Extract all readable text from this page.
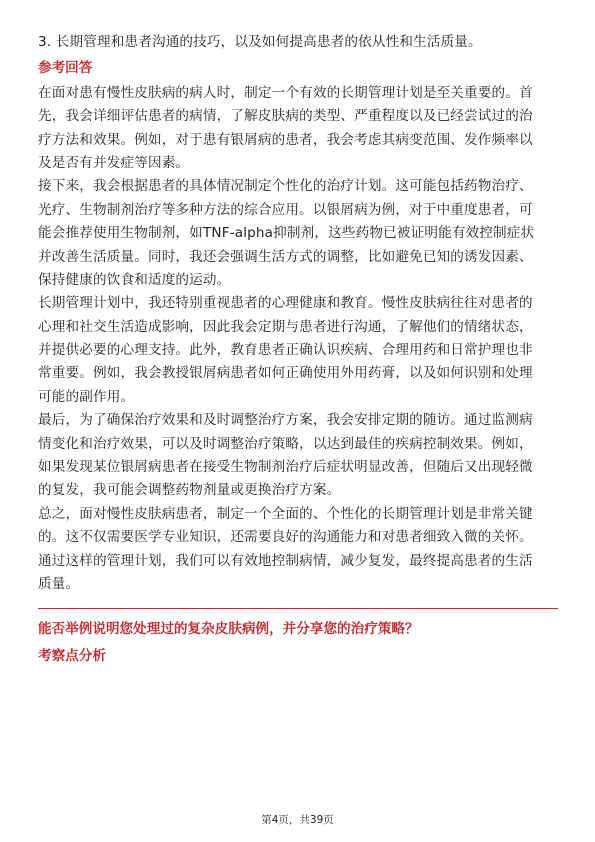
3. 长期管理和患者沟通的技巧，以及如何提高患者的依从性和生活质量。
参考回答
在面对患有慢性皮肤病的病人时，制定一个有效的长期管理计划是至关重要的。首
先，我会详细评估患者的病情，了解皮肤病的类型、严重程度以及已经尝试过的治
疗方法和效果。例如，对于患有银屑病的患者，我会考虑其病变范围、发作频率以
及是否有并发症等因素。
接下来，我会根据患者的具体情况制定个性化的治疗计划。这可能包括药物治疗、
光疗、生物制剂治疗等多种方法的综合应用。以银屑病为例，对于中重度患者，可
能会推荐使用生物制剂，如TNF-alpha抑制剂，这些药物已被证明能有效控制症状
并改善生活质量。同时，我还会强调生活方式的调整，比如避免已知的诱发因素、
保持健康的饮食和适度的运动。
长期管理计划中，我还特别重视患者的心理健康和教育。慢性皮肤病往往对患者的
心理和社交生活造成影响，因此我会定期与患者进行沟通，了解他们的情绪状态，
并提供必要的心理支持。此外，教育患者正确认识疾病、合理用药和日常护理也非
常重要。例如，我会教授银屑病患者如何正确使用外用药膏，以及如何识别和处理
可能的副作用。
最后，为了确保治疗效果和及时调整治疗方案，我会安排定期的随访。通过监测病
情变化和治疗效果，可以及时调整治疗策略，以达到最佳的疾病控制效果。例如，
如果发现某位银屑病患者在接受生物制剂治疗后症状明显改善，但随后又出现轻微
的复发，我可能会调整药物剂量或更换治疗方案。
总之，面对慢性皮肤病患者，制定一个全面的、个性化的长期管理计划是非常关键
的。这不仅需要医学专业知识，还需要良好的沟通能力和对患者细致入微的关怀。
通过这样的管理计划，我们可以有效地控制病情，减少复发，最终提高患者的生活
质量。
能否举例说明您处理过的复杂皮肤病例，并分享您的治疗策略？
考察点分析
第4页，共39页
